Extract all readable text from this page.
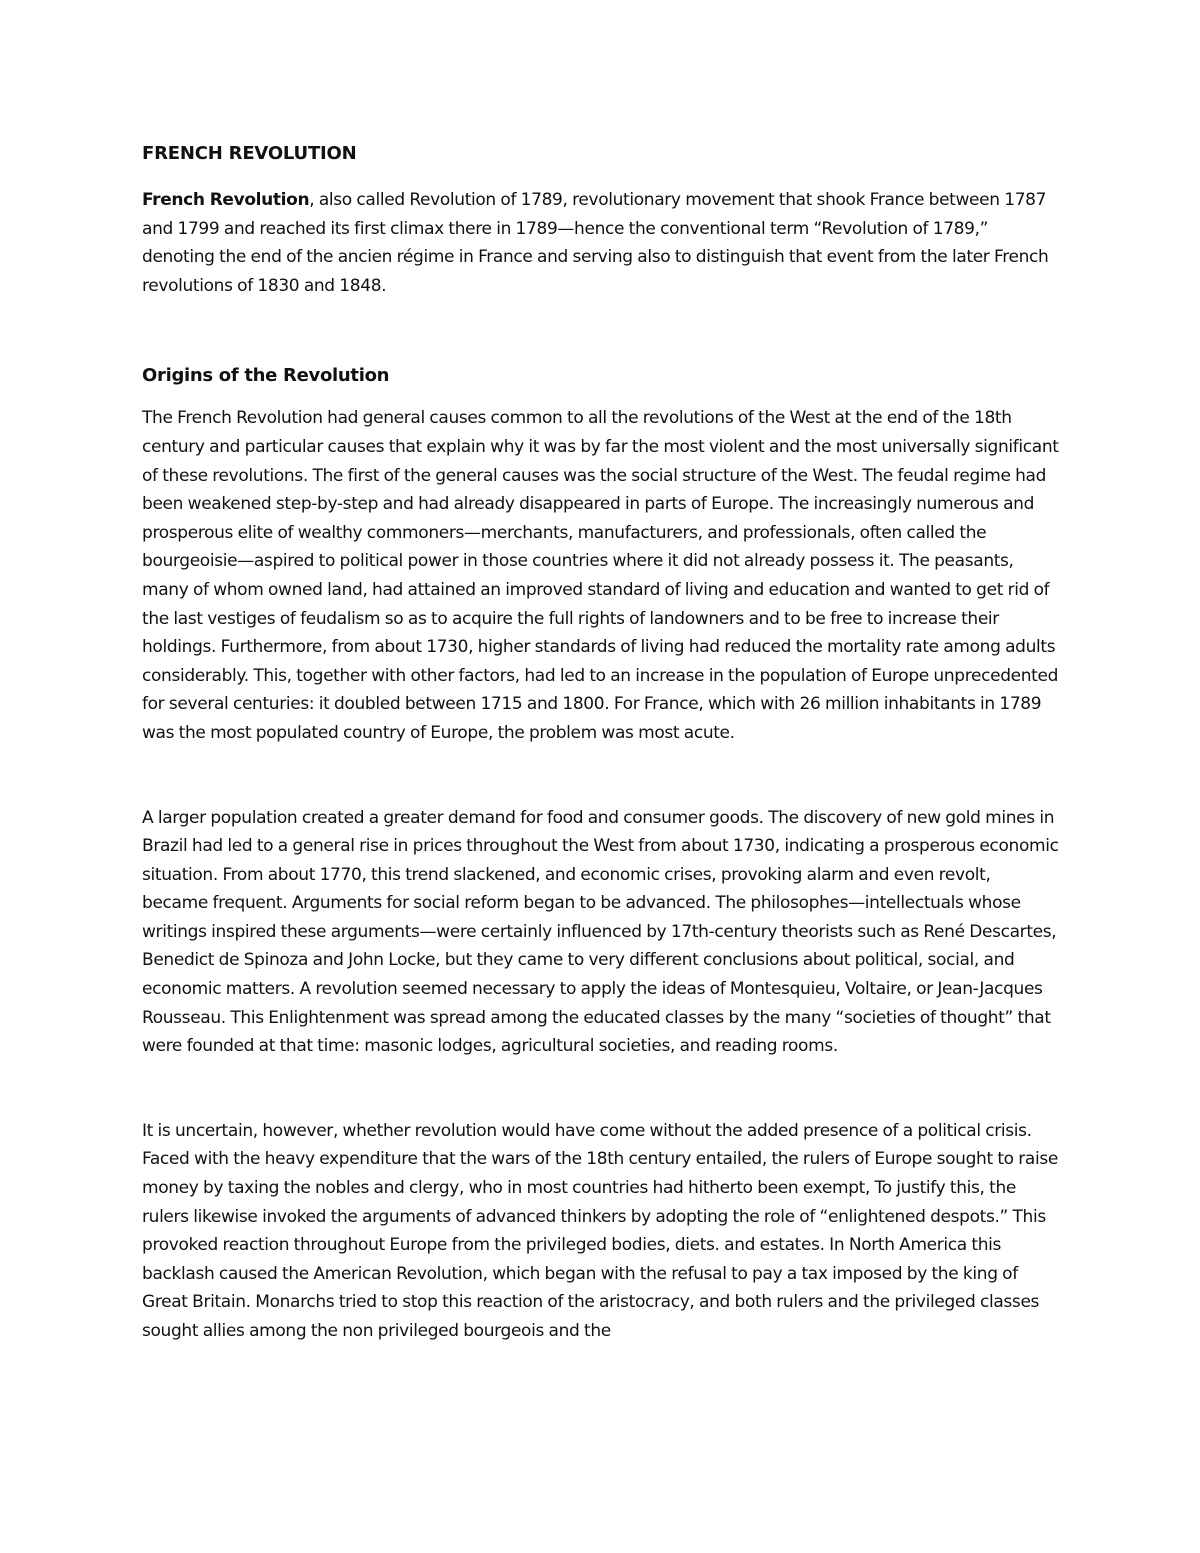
FRENCH REVOLUTION

French Revolution, also called Revolution of 1789, revolutionary movement that shook France between 1787 and 1799 and reached its first climax there in 1789—hence the conventional term “Revolution of 1789,” denoting the end of the ancien régime in France and serving also to distinguish that event from the later French revolutions of 1830 and 1848.

Origins of the Revolution

The French Revolution had general causes common to all the revolutions of the West at the end of the 18th century and particular causes that explain why it was by far the most violent and the most universally significant of these revolutions. The first of the general causes was the social structure of the West. The feudal regime had been weakened step-by-step and had already disappeared in parts of Europe. The increasingly numerous and prosperous elite of wealthy commoners—merchants, manufacturers, and professionals, often called the bourgeoisie—aspired to political power in those countries where it did not already possess it. The peasants, many of whom owned land, had attained an improved standard of living and education and wanted to get rid of the last vestiges of feudalism so as to acquire the full rights of landowners and to be free to increase their holdings. Furthermore, from about 1730, higher standards of living had reduced the mortality rate among adults considerably. This, together with other factors, had led to an increase in the population of Europe unprecedented for several centuries: it doubled between 1715 and 1800. For France, which with 26 million inhabitants in 1789 was the most populated country of Europe, the problem was most acute.

A larger population created a greater demand for food and consumer goods. The discovery of new gold mines in Brazil had led to a general rise in prices throughout the West from about 1730, indicating a prosperous economic situation. From about 1770, this trend slackened, and economic crises, provoking alarm and even revolt, became frequent. Arguments for social reform began to be advanced. The philosophes—intellectuals whose writings inspired these arguments—were certainly influenced by 17th-century theorists such as René Descartes, Benedict de Spinoza and John Locke, but they came to very different conclusions about political, social, and economic matters. A revolution seemed necessary to apply the ideas of Montesquieu, Voltaire, or Jean-Jacques Rousseau. This Enlightenment was spread among the educated classes by the many “societies of thought” that were founded at that time: masonic lodges, agricultural societies, and reading rooms.

It is uncertain, however, whether revolution would have come without the added presence of a political crisis. Faced with the heavy expenditure that the wars of the 18th century entailed, the rulers of Europe sought to raise money by taxing the nobles and clergy, who in most countries had hitherto been exempt, To justify this, the rulers likewise invoked the arguments of advanced thinkers by adopting the role of “enlightened despots.” This provoked reaction throughout Europe from the privileged bodies, diets. and estates. In North America this backlash caused the American Revolution, which began with the refusal to pay a tax imposed by the king of Great Britain. Monarchs tried to stop this reaction of the aristocracy, and both rulers and the privileged classes sought allies among the non privileged bourgeois and the
